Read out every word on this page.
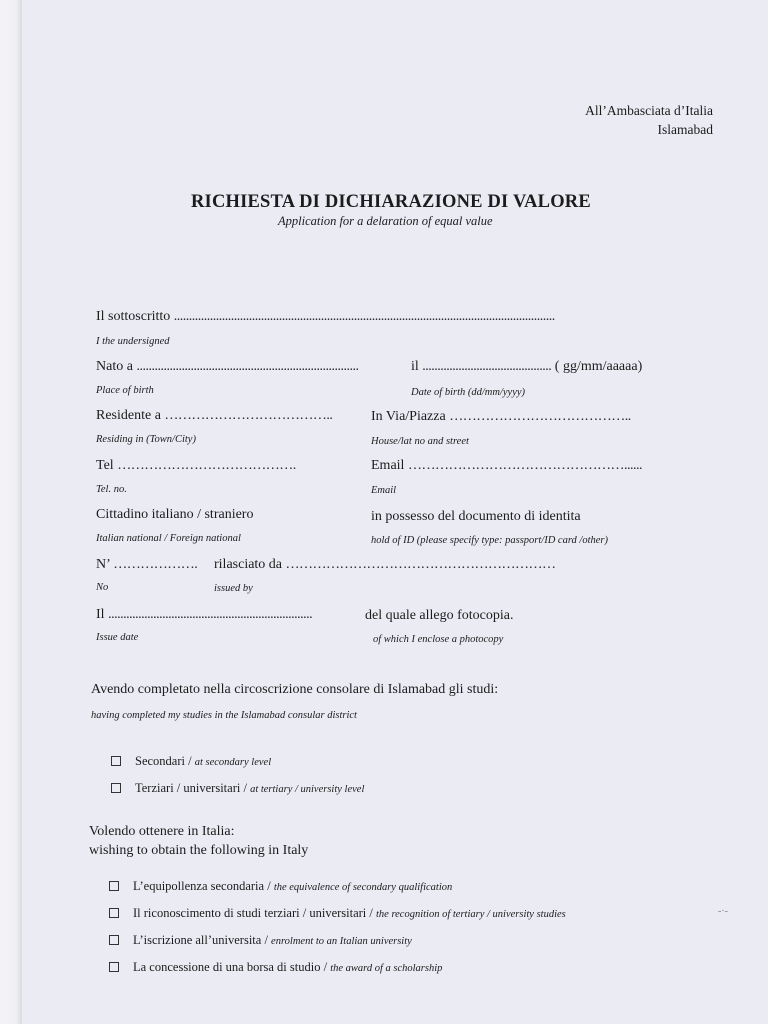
All’Ambasciata d’Italia
Islamabad
RICHIESTA DI DICHIARAZIONE DI VALORE
Application for a delaration of equal value
Il sottoscritto ...............................................................................................................................
I the undersigned
Nato a ..........................................................................	il ........................................... ( gg/mm/aaaaa)
Place of birth	Date of birth (dd/mm/yyyy)
Residente a ………………………………..	In Via/Piazza …………………………………..
Residing in (Town/City)	House/lat no and street
Tel ………………………………….	Email …………………………………………......
Tel. no.	Email
Cittadino italiano / straniero	in possesso del documento di identita
Italian national / Foreign national	hold of ID (please specify type: passport/ID card /other)
N’ ………………. rilasciato da ……………………………………………………
No	issued by
Il ....................................................................	del quale allego fotocopia.
Issue date	of which I enclose a photocopy
Avendo completato nella circoscrizione consolare di Islamabad gli studi:
having completed my studies in the Islamabad consular district
Secondari / at secondary level
Terziari / universitari / at tertiary / university level
Volendo ottenere in Italia:
wishing to obtain the following in Italy
L’equipollenza secondaria / the equivalence of secondary qualification
Il riconoscimento di studi terziari / universitari / the recognition of tertiary / university studies
L’iscrizione all’universita / enrolment to an Italian university
La concessione di una borsa di studio / the award of a scholarship
-·-
